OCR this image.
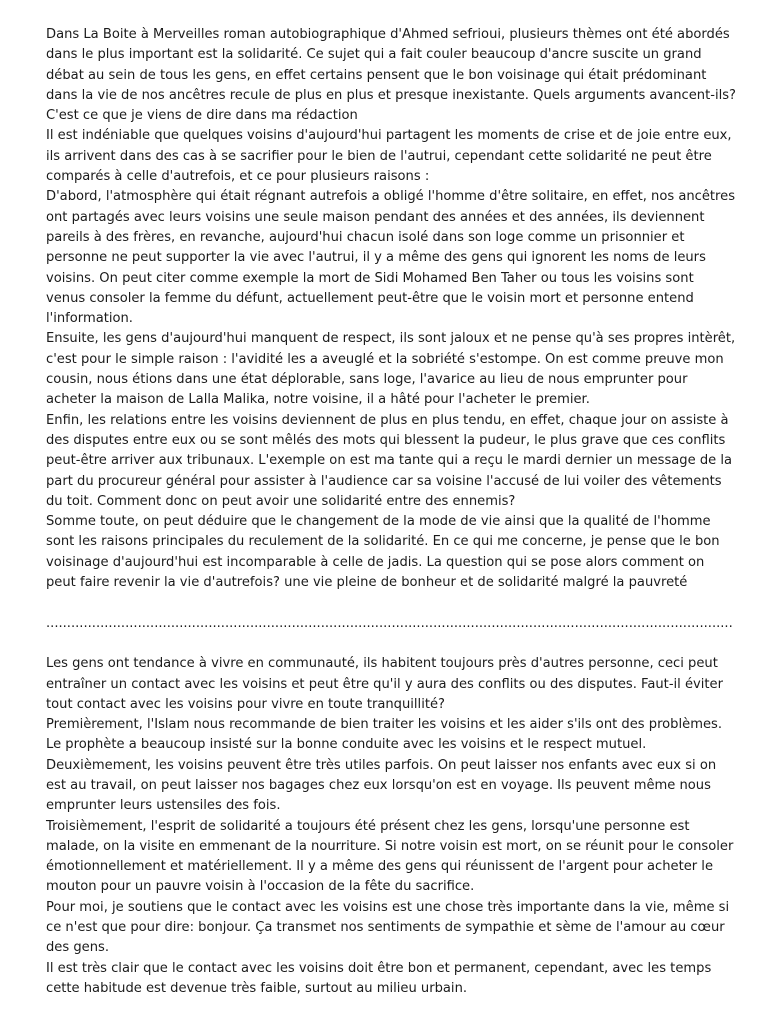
Dans La Boite à Merveilles roman autobiographique d'Ahmed sefrioui, plusieurs thèmes ont été abordés dans le plus important est la solidarité. Ce sujet qui a fait couler beaucoup d'ancre suscite un grand débat au sein de tous les gens, en effet certains pensent que le bon voisinage qui était prédominant dans la vie de nos ancêtres recule de plus en plus et presque inexistante. Quels arguments avancent-ils? C'est ce que je viens de dire dans ma rédaction

Il est indéniable que quelques voisins d'aujourd'hui partagent les moments de crise et de joie entre eux, ils arrivent dans des cas à se sacrifier pour le bien de l'autrui, cependant cette solidarité ne peut être comparés à celle d'autrefois, et ce pour plusieurs raisons :

D'abord, l'atmosphère qui était régnant autrefois a obligé l'homme d'être solitaire, en effet, nos ancêtres ont partagés avec leurs voisins une seule maison pendant des années et des années, ils deviennent pareils à des frères, en revanche, aujourd'hui chacun isolé dans son loge comme un prisonnier et personne ne peut supporter la vie avec l'autrui, il y a même des gens qui ignorent les noms de leurs voisins. On peut citer comme exemple la mort de Sidi Mohamed Ben Taher ou tous les voisins sont venus consoler la femme du défunt, actuellement peut-être que le voisin mort et personne entend l'information.

Ensuite, les gens d'aujourd'hui manquent de respect, ils sont jaloux et ne pense qu'à ses propres intèrêt, c'est pour le simple raison : l'avidité les a aveuglé et la sobriété s'estompe. On est comme preuve mon cousin, nous étions dans une état déplorable, sans loge, l'avarice au lieu de nous emprunter pour acheter la maison de Lalla Malika, notre voisine, il a hâté pour l'acheter le premier.

Enfin, les relations entre les voisins deviennent de plus en plus tendu, en effet, chaque jour on assiste à des disputes entre eux ou se sont mêlés des mots qui blessent la pudeur, le plus grave que ces conflits peut-être arriver aux tribunaux. L'exemple on est ma tante qui a reçu le mardi dernier un message de la part du procureur général pour assister à l'audience car sa voisine l'accusé de lui voiler des vêtements du toit. Comment donc on peut avoir une solidarité entre des ennemis?

Somme toute, on peut déduire que le changement de la mode de vie ainsi que la qualité de l'homme sont les raisons principales du reculement de la solidarité. En ce qui me concerne, je pense que le bon voisinage d'aujourd'hui est incomparable à celle de jadis. La question qui se pose alors comment on peut faire revenir la vie d'autrefois? une vie pleine de bonheur et de solidarité malgré la pauvreté

.....................................................................................................................................................................

Les gens ont tendance à vivre en communauté, ils habitent toujours près d'autres personne, ceci peut entraîner un contact avec les voisins et peut être qu'il y aura des conflits ou des disputes. Faut-il éviter tout contact avec les voisins pour vivre en toute tranquillité?

Premièrement, l'Islam nous recommande de bien traiter les voisins et les aider s'ils ont des problèmes. Le prophète a beaucoup insisté sur la bonne conduite avec les voisins et le respect mutuel.

Deuxièmement, les voisins peuvent être très utiles parfois. On peut laisser nos enfants avec eux si on est au travail, on peut laisser nos bagages chez eux lorsqu'on est en voyage. Ils peuvent même nous emprunter leurs ustensiles des fois.

Troisièmement, l'esprit de solidarité a toujours été présent chez les gens, lorsqu'une personne est malade, on la visite en emmenant de la nourriture. Si notre voisin est mort, on se réunit pour le consoler émotionnellement et matériellement. Il y a même des gens qui réunissent de l'argent pour acheter le mouton pour un pauvre voisin à l'occasion de la fête du sacrifice.

Pour moi, je soutiens que le contact avec les voisins est une chose très importante dans la vie, même si ce n'est que pour dire: bonjour. Ça transmet nos sentiments de sympathie et sème de l'amour au cœur des gens.

Il est très clair que le contact avec les voisins doit être bon et permanent, cependant, avec les temps cette habitude est devenue très faible, surtout au milieu urbain.
